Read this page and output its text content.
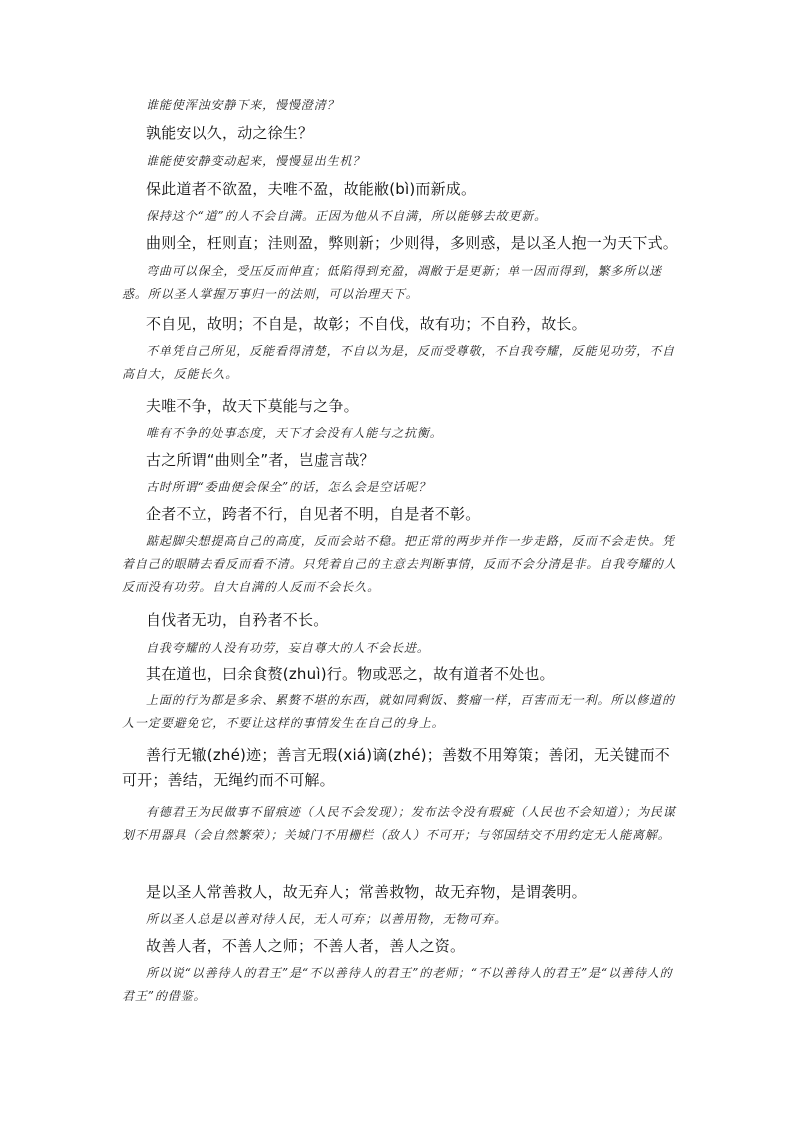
谁能使浑浊安静下来，慢慢澄清？

孰能安以久，动之徐生？

谁能使安静变动起来，慢慢显出生机？

保此道者不欲盈，夫唯不盈，故能敝(bì)而新成。

保持这个“道”的人不会自满。正因为他从不自满，所以能够去故更新。

曲则全，枉则直；洼则盈，弊则新；少则得，多则惑，是以圣人抱一为天下式。

弯曲可以保全，受压反而伸直；低陷得到充盈，凋敝于是更新；单一因而得到，繁多所以迷惑。所以圣人掌握万事归一的法则，可以治理天下。

不自见，故明；不自是，故彰；不自伐，故有功；不自矜，故长。

不单凭自己所见，反能看得清楚，不自以为是，反而受尊敬，不自我夸耀，反能见功劳，不自高自大，反能长久。

夫唯不争，故天下莫能与之争。

唯有不争的处事态度，天下才会没有人能与之抗衡。

古之所谓“曲则全”者，岂虚言哉？

古时所谓“委曲便会保全”的话，怎么会是空话呢？

企者不立，跨者不行，自见者不明，自是者不彰。

踮起脚尖想提高自己的高度，反而会站不稳。把正常的两步并作一步走路，反而不会走快。凭着自己的眼睛去看反而看不清。只凭着自己的主意去判断事情，反而不会分清是非。自我夸耀的人反而没有功劳。自大自满的人反而不会长久。

自伐者无功，自矜者不长。

自我夸耀的人没有功劳，妄自尊大的人不会长进。

其在道也，曰余食赘(zhuì)行。物或恶之，故有道者不处也。

上面的行为都是多余、累赘不堪的东西，就如同剩饭、赘瘤一样，百害而无一利。所以修道的人一定要避免它，不要让这样的事情发生在自己的身上。

善行无辙(zhé)迹；善言无瑕(xiá)谪(zhé)；善数不用筹策；善闭，无关键而不可开；善结，无绳约而不可解。

有德君王为民做事不留痕迹（人民不会发现）；发布法令没有瑕疵（人民也不会知道）；为民谋划不用器具（会自然繁荣）；关城门不用栅栏（敌人）不可开；与邻国结交不用约定无人能离解。

是以圣人常善救人，故无弃人；常善救物，故无弃物，是谓袭明。

所以圣人总是以善对待人民，无人可弃；以善用物，无物可弃。

故善人者，不善人之师；不善人者，善人之资。

所以说“以善待人的君王”是“不以善待人的君王”的老师；“不以善待人的君王”是“以善待人的君王”的借鉴。
